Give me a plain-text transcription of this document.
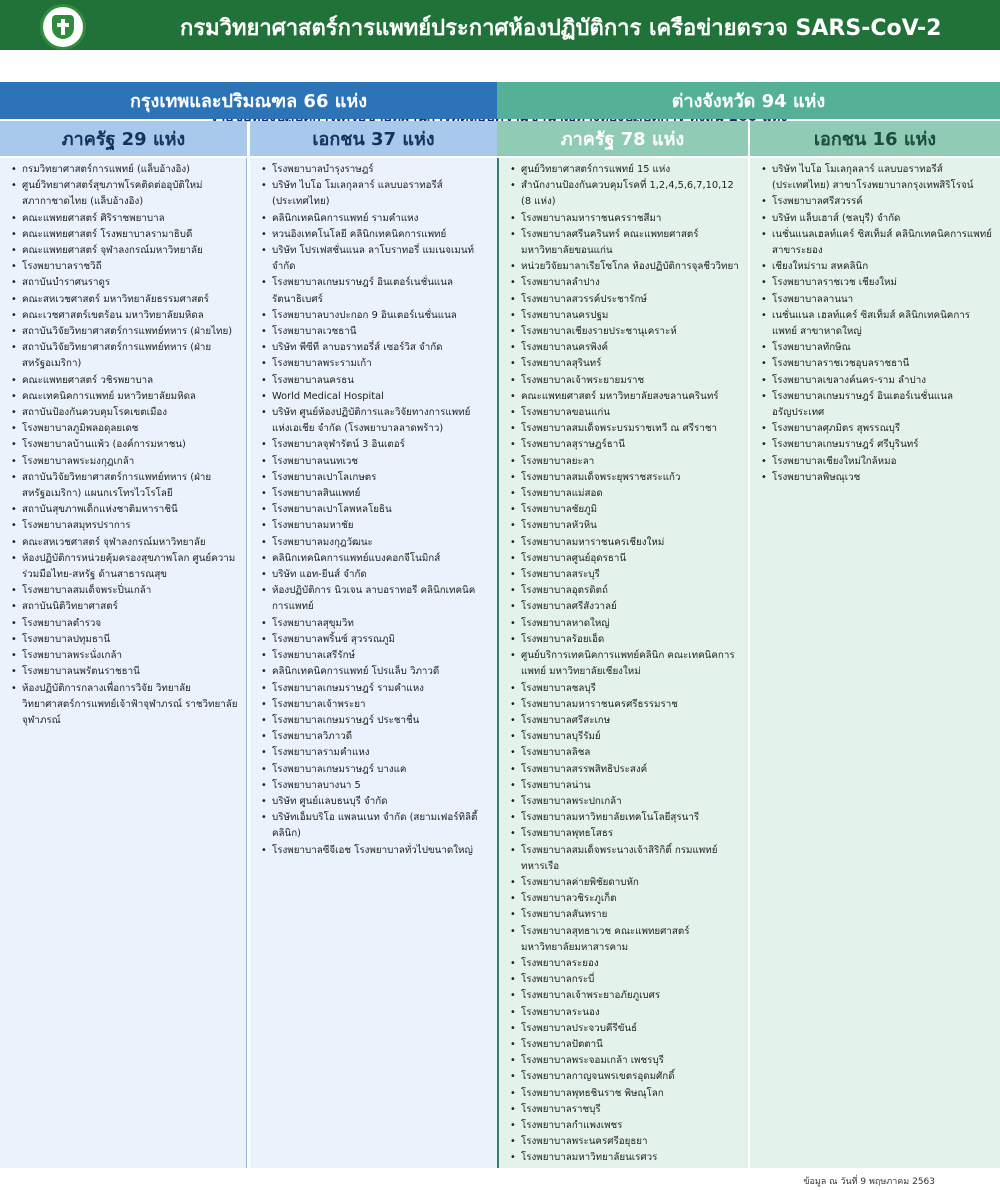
กรมวิทยาศาสตร์การแพทย์ประกาศห้องปฏิบัติการ เครือข่ายตรวจ SARS-CoV-2
กรุงเทพและปริมณฑล 66 แห่ง	ต่างจังหวัด 94 แห่ง
ภาครัฐ 29 แห่ง	เอกชน 37 แห่ง	ภาครัฐ 78 แห่ง	เอกชน 16 แห่ง
• กรมวิทยาศาสตร์การแพทย์ (แล็บอ้างอิง)
• ศูนย์วิทยาศาสตร์สุขภาพโรคติดต่ออุบัติใหม่ สภากาชาดไทย (แล็บอ้างอิง)
• คณะแพทยศาสตร์ ศิริราชพยาบาล
• คณะแพทยศาสตร์ โรงพยาบาลรามาธิบดี
• คณะแพทยศาสตร์ จุฬาลงกรณ์มหาวิทยาลัย
• โรงพยาบาลราชวิถี
• สถาบันบำราศนราดูร
• คณะสหเวชศาสตร์ มหาวิทยาลัยธรรมศาสตร์
• คณะเวชศาสตร์เขตร้อน มหาวิทยาลัยมหิดล
• สถาบันวิจัยวิทยาศาสตร์การแพทย์ทหาร (ฝ่ายไทย)
• สถาบันวิจัยวิทยาศาสตร์การแพทย์ทหาร (ฝ่ายสหรัฐอเมริกา)
• คณะแพทยศาสตร์ วชิรพยาบาล
• คณะเทคนิคการแพทย์ มหาวิทยาลัยมหิดล
• สถาบันป้องกันควบคุมโรคเขตเมือง
• โรงพยาบาลภูมิพลอดุลยเดช
• โรงพยาบาลบ้านแพ้ว (องค์การมหาชน)
• โรงพยาบาลพระมงกุฎเกล้า
• สถาบันวิจัยวิทยาศาสตร์การแพทย์ทหาร (ฝ่ายสหรัฐอเมริกา) แผนกเรโทรไวโรโลยี
• สถาบันสุขภาพเด็กแห่งชาติมหาราชินี
• โรงพยาบาลสมุทรปราการ
• คณะสหเวชศาสตร์ จุฬาลงกรณ์มหาวิทยาลัย
• ห้องปฏิบัติการหน่วยคุ้มครองสุขภาพโลก ศูนย์ความร่วมมือไทย-สหรัฐ ด้านสาธารณสุข
• โรงพยาบาลสมเด็จพระปิ่นเกล้า
• สถาบันนิติวิทยาศาสตร์
• โรงพยาบาลตำรวจ
• โรงพยาบาลปทุมธานี
• โรงพยาบาลพระนั่งเกล้า
• โรงพยาบาลนพรัตนราชธานี
• ห้องปฏิบัติการกลางเพื่อการวิจัย วิทยาลัยวิทยาศาสตร์การแพทย์เจ้าฟ้าจุฬาภรณ์ ราชวิทยาลัยจุฬาภรณ์
• โรงพยาบาลบำรุงราษฎร์
• บริษัท ไบโอ โมเลกุลลาร์ แลบบอราทอรีส์ (ประเทศไทย)
• คลินิกเทคนิคการแพทย์ รามคำแหง
• หวนอิงเทคโนโลยี คลินิกเทคนิคการแพทย์
• บริษัท โปรเฟสชั่นแนล ลาโบราทอรี่ แมเนจเมนท์ จำกัด
• โรงพยาบาลเกษมราษฎร์ อินเตอร์เนชั่นแนล รัตนาธิเบศร์
• โรงพยาบาลบางปะกอก 9 อินเตอร์เนชั่นแนล
• โรงพยาบาลเวชธานี
• บริษัท พีซีที ลาบอราทอรี่ส์ เซอร์วิส จำกัด
• โรงพยาบาลพระรามเก้า
• โรงพยาบาลนครธน
• World Medical Hospital
• บริษัท ศูนย์ห้องปฏิบัติการและวิจัยทางการแพทย์ แห่งเอเชีย จำกัด (โรงพยาบาลลาดพร้าว)
• โรงพยาบาลจุฬารัตน์ 3 อินเตอร์
• โรงพยาบาลนนทเวช
• โรงพยาบาลเปาโลเกษตร
• โรงพยาบาลสินแพทย์
• โรงพยาบาลเปาโลพหลโยธิน
• โรงพยาบาลมหาชัย
• โรงพยาบาลมงกุฎวัฒนะ
• คลินิกเทคนิคการแพทย์แบงคอกจีโนมิกส์
• บริษัท แอท-ยีนส์ จำกัด
• ห้องปฏิบัติการ นิวเจน ลาบอราทอรี คลินิกเทคนิคการแพทย์
• โรงพยาบาลสุขุมวิท
• โรงพยาบาลพริ้นซ์ สุวรรณภูมิ
• โรงพยาบาลเสรีรักษ์
• คลินิกเทคนิคการแพทย์ โปรแล็บ วิภาวดี
• โรงพยาบาลเกษมราษฎร์ รามคำแหง
• โรงพยาบาลเจ้าพระยา
• โรงพยาบาลเกษมราษฎร์ ประชาชื่น
• โรงพยาบาลวิภาวดี
• โรงพยาบาลรามคำแหง
• โรงพยาบาลเกษมราษฎร์ บางแค
• โรงพยาบาลบางนา 5
• บริษัท ศูนย์แลบธนบุรี จำกัด
• บริษัทเอ็มบริโอ แพลนเนท จำกัด (สยามเฟอร์ทิลิตี้ คลินิก)
• โรงพยาบาลซีจีเอช โรงพยาบาลทั่วไปขนาดใหญ่
• ศูนย์วิทยาศาสตร์การแพทย์ 15 แห่ง
• สำนักงานป้องกันควบคุมโรคที่ 1,2,4,5,6,7,10,12 (8 แห่ง)
• โรงพยาบาลมหาราชนครราชสีมา
• โรงพยาบาลศรีนครินทร์ คณะแพทยศาสตร์ มหาวิทยาลัยขอนแก่น
• หน่วยวิจัยมาลาเรียโซโกล ห้องปฏิบัติการจุลชีววิทยา
• โรงพยาบาลลำปาง
• โรงพยาบาลสวรรค์ประชารักษ์
• โรงพยาบาลนครปฐม
• โรงพยาบาลเชียงรายประชานุเคราะห์
• โรงพยาบาลนครพิงค์
• โรงพยาบาลสุรินทร์
• โรงพยาบาลเจ้าพระยายมราช
• คณะแพทยศาสตร์ มหาวิทยาลัยสงขลานครินทร์
• โรงพยาบาลขอนแก่น
• โรงพยาบาลสมเด็จพระบรมราชเทวี ณ ศรีราชา
• โรงพยาบาลสุราษฎร์ธานี
• โรงพยาบาลยะลา
• โรงพยาบาลสมเด็จพระยุพราชสระแก้ว
• โรงพยาบาลแม่สอด
• โรงพยาบาลชัยภูมิ
• โรงพยาบาลหัวหิน
• โรงพยาบาลมหาราชนครเชียงใหม่
• โรงพยาบาลศูนย์อุดรธานี
• โรงพยาบาลสระบุรี
• โรงพยาบาลอุตรดิตถ์
• โรงพยาบาลศรีสังวาลย์
• โรงพยาบาลหาดใหญ่
• โรงพยาบาลร้อยเอ็ด
• ศูนย์บริการเทคนิคการแพทย์คลินิก คณะเทคนิคการแพทย์ มหาวิทยาลัยเชียงใหม่
• โรงพยาบาลชลบุรี
• โรงพยาบาลมหาราชนครศรีธรรมราช
• โรงพยาบาลศรีสะเกษ
• โรงพยาบาลบุรีรัมย์
• โรงพยาบาลลิชล
• โรงพยาบาลสรรพสิทธิประสงค์
• โรงพยาบาลน่าน
• โรงพยาบาลพระปกเกล้า
• โรงพยาบาลมหาวิทยาลัยเทคโนโลยีสุรนารี
• โรงพยาบาลพุทธโสธร
• โรงพยาบาลสมเด็จพระนางเจ้าสิริกิติ์ กรมแพทย์ทหารเรือ
• โรงพยาบาลค่ายพิชัยดาบหัก
• โรงพยาบาลวชิระภูเก็ต
• โรงพยาบาลสันทราย
• โรงพยาบาลสุทธาเวช คณะแพทยศาสตร์ มหาวิทยาลัยมหาสารคาม
• โรงพยาบาลระยอง
• โรงพยาบาลกระบี่
• โรงพยาบาลเจ้าพระยาอภัยภูเบศร
• โรงพยาบาลระนอง
• โรงพยาบาลประจวบคีรีขันธ์
• โรงพยาบาลปัตตานี
• โรงพยาบาลพระจอมเกล้า เพชรบุรี
• โรงพยาบาลกาญจนพรเขตรอุดมศักดิ์
• โรงพยาบาลพุทธชินราช พิษณุโลก
• โรงพยาบาลราชบุรี
• โรงพยาบาลกำแพงเพชร
• โรงพยาบาลพระนครศรีอยุธยา
• โรงพยาบาลมหาวิทยาลัยนเรศวร
• บริษัท ไบโอ โมเลกุลลาร์ แลบบอราทอรีส์ (ประเทศไทย) สาขาโรงพยาบาลกรุงเทพสิริโรจน์
• โรงพยาบาลศรีสวรรค์
• บริษัท แล็บเฮาส์ (ชลบุรี) จำกัด
• เนชั่นแนลเฮลท์แคร์ ซิสเท็มส์ คลินิกเทคนิคการแพทย์ สาขาระยอง
• เชียงใหม่ราม สหคลินิก
• โรงพยาบาลราชเวช เชียงใหม่
• โรงพยาบาลลานนา
• เนชั่นแนล เฮลท์แคร์ ซิสเท็มส์ คลินิกเทคนิคการแพทย์ สาขาหาดใหญ่
• โรงพยาบาลทักษิณ
• โรงพยาบาลราชเวชอุบลราชธานี
• โรงพยาบาลเขลางค์นคร-ราม ลำปาง
• โรงพยาบาลเกษมราษฎร์ อินเตอร์เนชั่นแนล อรัญประเทศ
• โรงพยาบาลศุภมิตร สุพรรณบุรี
• โรงพยาบาลเกษมราษฎร์ ศรีบุรินทร์
• โรงพยาบาลเชียงใหม่ใกล้หมอ
• โรงพยาบาลพิษณุเวช
ข้อมูล ณ วันที่ 9 พฤษภาคม 2563
